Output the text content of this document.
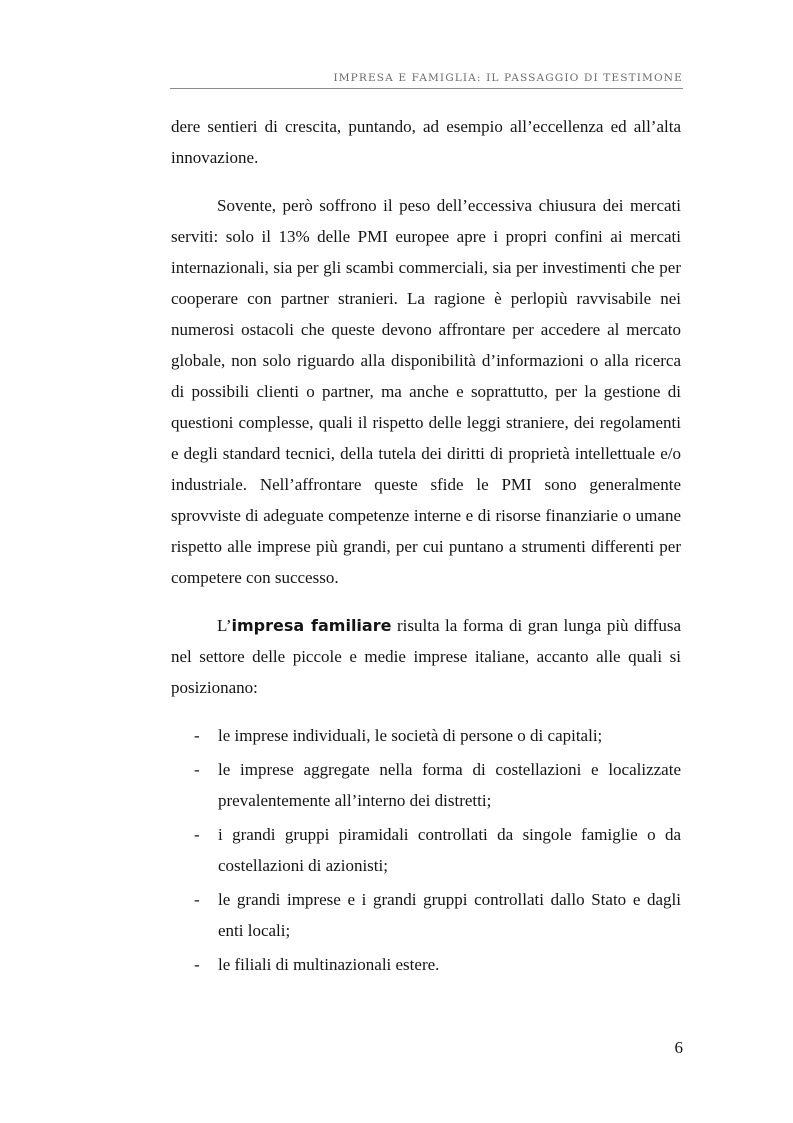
IMPRESA E FAMIGLIA: IL PASSAGGIO DI TESTIMONE

dere sentieri di crescita, puntando, ad esempio all’eccellenza ed all’alta innovazione.

Sovente, però soffrono il peso dell’eccessiva chiusura dei mercati serviti: solo il 13% delle PMI europee apre i propri confini ai mercati internazionali, sia per gli scambi commerciali, sia per investimenti che per cooperare con partner stranieri. La ragione è perlopiù ravvisabile nei numerosi ostacoli che queste devono affrontare per accedere al mercato globale, non solo riguardo alla disponibilità d’informazioni o alla ricerca di possibili clienti o partner, ma anche e soprattutto, per la gestione di questioni complesse, quali il rispetto delle leggi straniere, dei regolamenti e degli standard tecnici, della tutela dei diritti di proprietà intellettuale e/o industriale. Nell’affrontare queste sfide le PMI sono generalmente sprovviste di adeguate competenze interne e di risorse finanziarie o umane rispetto alle imprese più grandi, per cui puntano a strumenti differenti per competere con successo.

L’impresa familiare risulta la forma di gran lunga più diffusa nel settore delle piccole e medie imprese italiane, accanto alle quali si posizionano:

- le imprese individuali, le società di persone o di capitali;
- le imprese aggregate nella forma di costellazioni e localizzate prevalentemente all’interno dei distretti;
- i grandi gruppi piramidali controllati da singole famiglie o da costellazioni di azionisti;
- le grandi imprese e i grandi gruppi controllati dallo Stato e dagli enti locali;
- le filiali di multinazionali estere.
6
